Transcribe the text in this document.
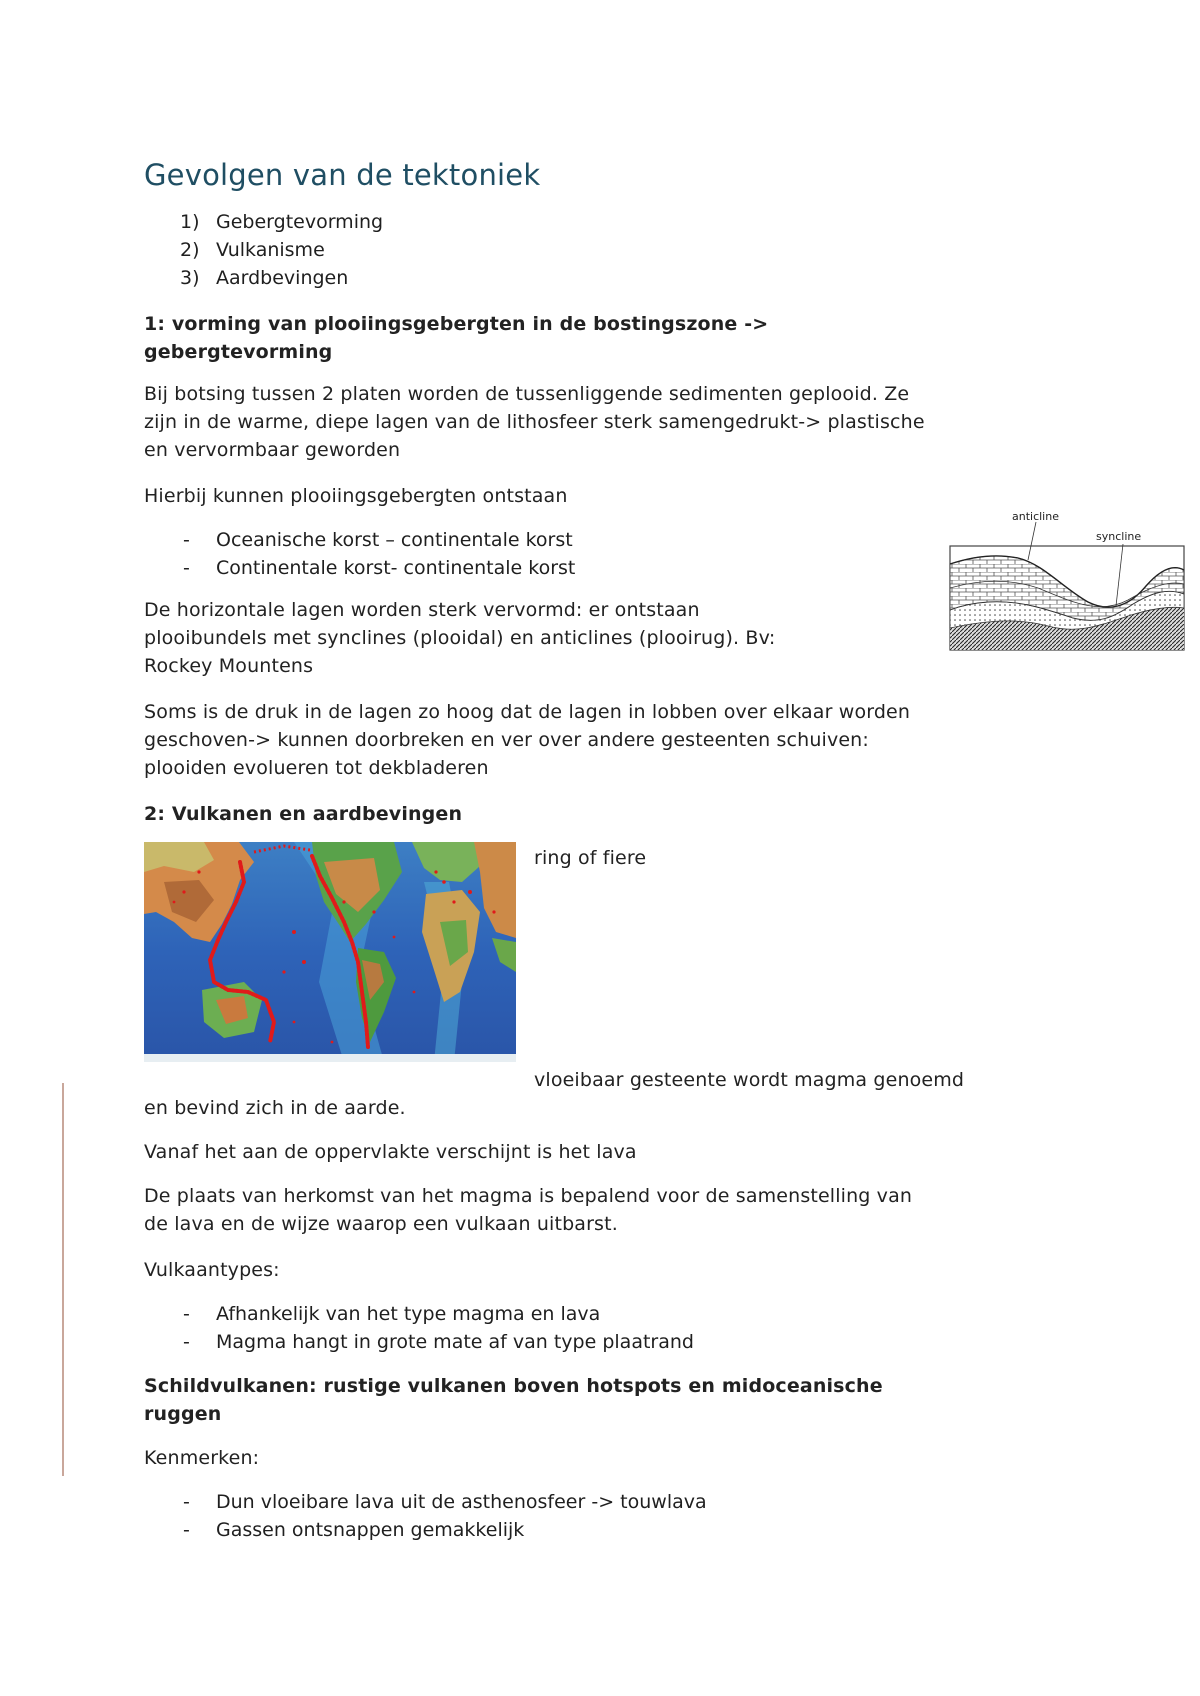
Gevolgen van de tektoniek
1) Gebergtevorming
2) Vulkanisme
3) Aardbevingen
1: vorming van plooiingsgebergten in de bostingszone ->
gebergtevorming
Bij botsing tussen 2 platen worden de tussenliggende sedimenten geplooid. Ze
zijn in de warme, diepe lagen van de lithosfeer sterk samengedrukt-> plastische
en vervormbaar geworden
Hierbij kunnen plooiingsgebergten ontstaan
- Oceanische korst – continentale korst
- Continentale korst- continentale korst
anticline
syncline
De horizontale lagen worden sterk vervormd: er ontstaan
plooibundels met synclines (plooidal) en anticlines (plooirug). Bv:
Rockey Mountens
Soms is de druk in de lagen zo hoog dat de lagen in lobben over elkaar worden
geschoven-> kunnen doorbreken en ver over andere gesteenten schuiven:
plooiden evolueren tot dekbladeren
2: Vulkanen en aardbevingen
ring of fiere
vloeibaar gesteente wordt magma genoemd
en bevind zich in de aarde.
Vanaf het aan de oppervlakte verschijnt is het lava
De plaats van herkomst van het magma is bepalend voor de samenstelling van
de lava en de wijze waarop een vulkaan uitbarst.
Vulkaantypes:
- Afhankelijk van het type magma en lava
- Magma hangt in grote mate af van type plaatrand
Schildvulkanen: rustige vulkanen boven hotspots en midoceanische
ruggen
Kenmerken:
- Dun vloeibare lava uit de asthenosfeer -> touwlava
- Gassen ontsnappen gemakkelijk
